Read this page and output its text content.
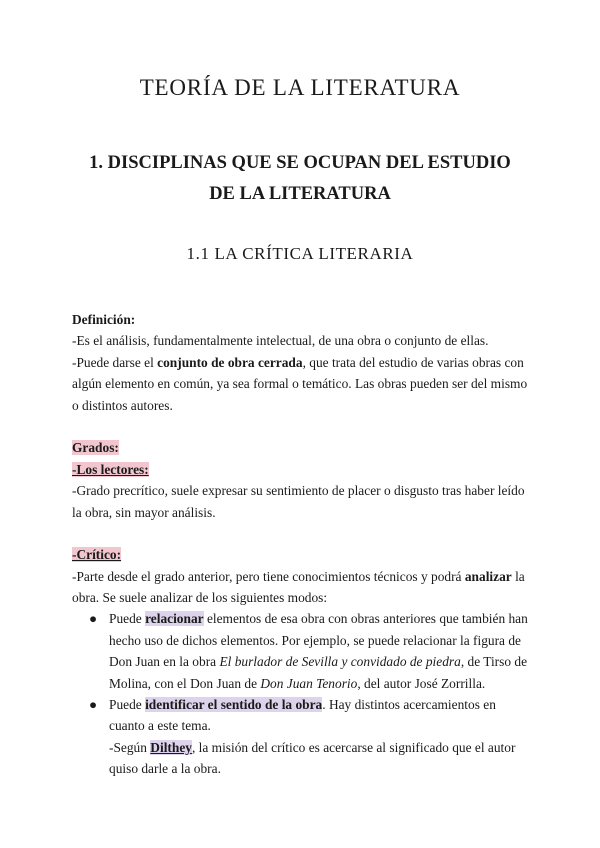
TEORÍA DE LA LITERATURA
1. DISCIPLINAS QUE SE OCUPAN DEL ESTUDIO
DE LA LITERATURA
1.1 LA CRÍTICA LITERARIA
Definición:
-Es el análisis, fundamentalmente intelectual, de una obra o conjunto de ellas.
-Puede darse el conjunto de obra cerrada, que trata del estudio de varias obras con
algún elemento en común, ya sea formal o temático. Las obras pueden ser del mismo
o distintos autores.
Grados:
-Los lectores:
-Grado precrítico, suele expresar su sentimiento de placer o disgusto tras haber leído
la obra, sin mayor análisis.
-Crítico:
-Parte desde el grado anterior, pero tiene conocimientos técnicos y podrá analizar la
obra. Se suele analizar de los siguientes modos:
● Puede relacionar elementos de esa obra con obras anteriores que también han
hecho uso de dichos elementos. Por ejemplo, se puede relacionar la figura de
Don Juan en la obra El burlador de Sevilla y convidado de piedra, de Tirso de
Molina, con el Don Juan de Don Juan Tenorio, del autor José Zorrilla.
● Puede identificar el sentido de la obra. Hay distintos acercamientos en
cuanto a este tema.
-Según Dilthey, la misión del crítico es acercarse al significado que el autor
quiso darle a la obra.
